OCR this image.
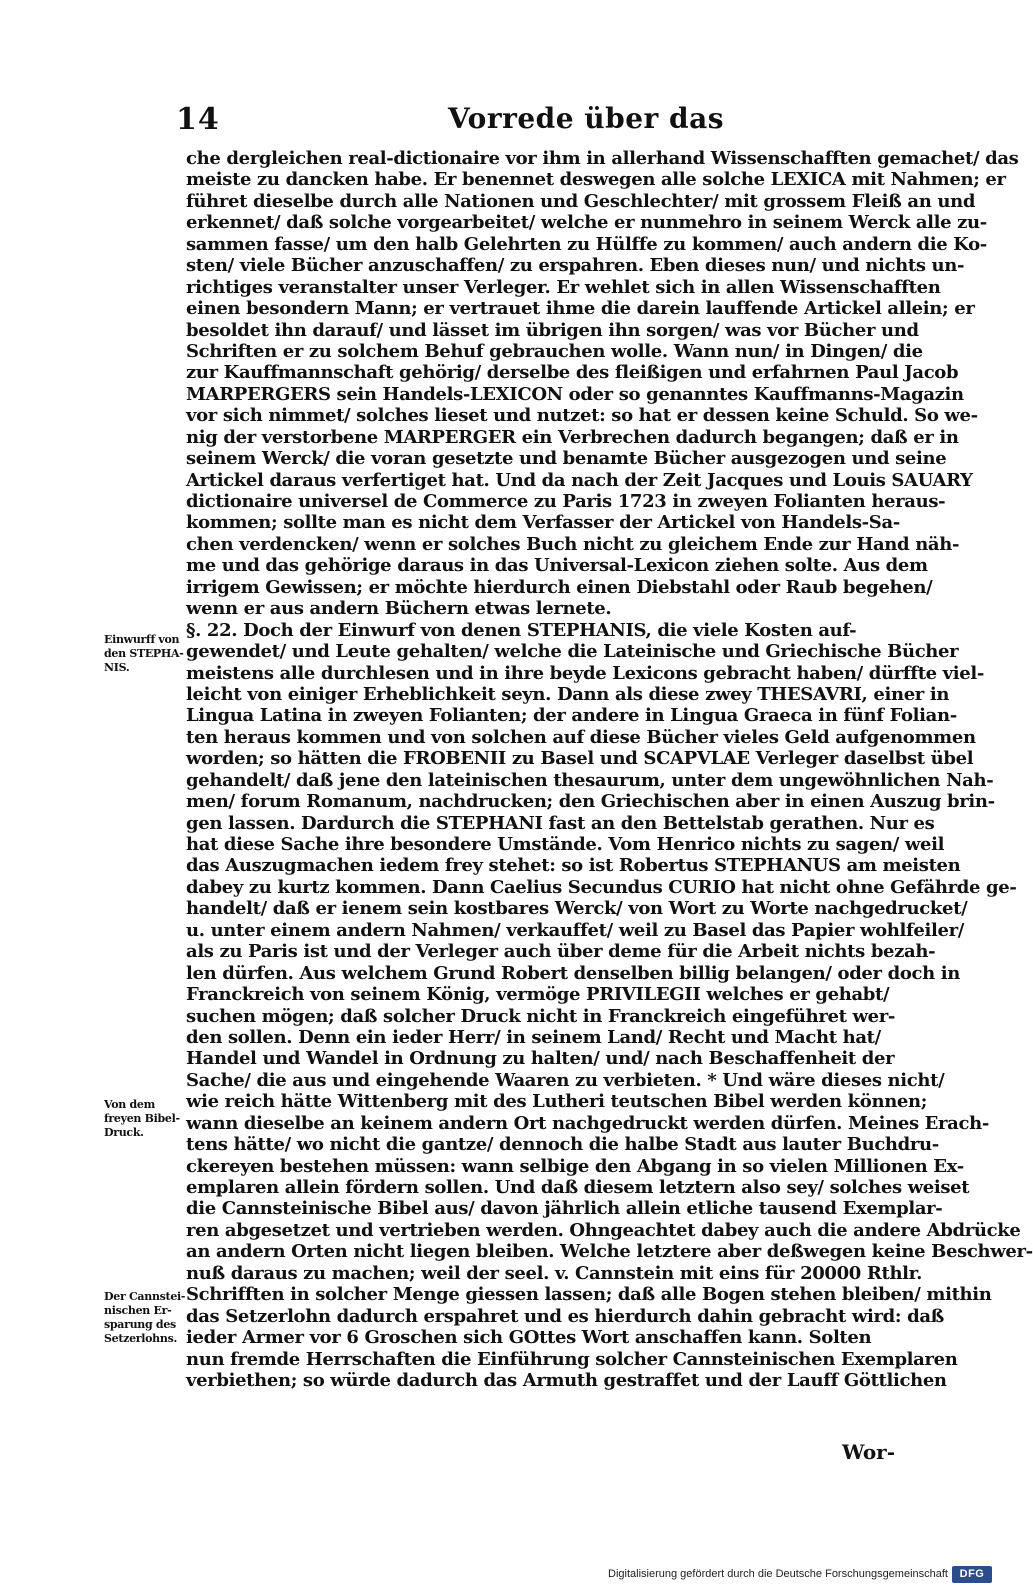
14	Vorrede über das
che dergleichen real-dictionaire vor ihm in allerhand Wissenschafften gemachet/ das
meiste zu dancken habe. Er benennet deswegen alle solche LEXICA mit Nahmen; er
führet dieselbe durch alle Nationen und Geschlechter/ mit grossem Fleiß an und
erkennet/ daß solche vorgearbeitet/ welche er nunmehro in seinem Werck alle zu-
sammen fasse/ um den halb Gelehrten zu Hülffe zu kommen/ auch andern die Ko-
sten/ viele Bücher anzuschaffen/ zu erspahren. Eben dieses nun/ und nichts un-
richtiges veranstalter unser Verleger. Er wehlet sich in allen Wissenschafften
einen besondern Mann; er vertrauet ihme die darein lauffende Artickel allein; er
besoldet ihn darauf/ und lässet im übrigen ihn sorgen/ was vor Bücher und
Schriften er zu solchem Behuf gebrauchen wolle. Wann nun/ in Dingen/ die
zur Kauffmannschaft gehörig/ derselbe des fleißigen und erfahrnen Paul Jacob
MARPERGERS sein Handels-LEXICON oder so genanntes Kauffmanns-Magazin
vor sich nimmet/ solches lieset und nutzet: so hat er dessen keine Schuld. So we-
nig der verstorbene MARPERGER ein Verbrechen dadurch begangen; daß er in
seinem Werck/ die voran gesetzte und benamte Bücher ausgezogen und seine
Artickel daraus verfertiget hat. Und da nach der Zeit Jacques und Louis SAUARY
dictionaire universel de Commerce zu Paris 1723 in zweyen Folianten heraus-
kommen; sollte man es nicht dem Verfasser der Artickel von Handels-Sa-
chen verdencken/ wenn er solches Buch nicht zu gleichem Ende zur Hand näh-
me und das gehörige daraus in das Universal-Lexicon ziehen solte. Aus dem
irrigem Gewissen; er möchte hierdurch einen Diebstahl oder Raub begehen/
wenn er aus andern Büchern etwas lernete.
§. 22. Doch der Einwurf von denen STEPHANIS, die viele Kosten auf-
gewendet/ und Leute gehalten/ welche die Lateinische und Griechische Bücher
meistens alle durchlesen und in ihre beyde Lexicons gebracht haben/ dürffte viel-
leicht von einiger Erheblichkeit seyn. Dann als diese zwey THESAVRI, einer in
Lingua Latina in zweyen Folianten; der andere in Lingua Graeca in fünf Folian-
ten heraus kommen und von solchen auf diese Bücher vieles Geld aufgenommen
worden; so hätten die FROBENII zu Basel und SCAPVLAE Verleger daselbst übel
gehandelt/ daß jene den lateinischen thesaurum, unter dem ungewöhnlichen Nah-
men/ forum Romanum, nachdrucken; den Griechischen aber in einen Auszug brin-
gen lassen. Dardurch die STEPHANI fast an den Bettelstab gerathen. Nur es
hat diese Sache ihre besondere Umstände. Vom Henrico nichts zu sagen/ weil
das Auszugmachen iedem frey stehet: so ist Robertus STEPHANUS am meisten
dabey zu kurtz kommen. Dann Caelius Secundus CURIO hat nicht ohne Gefährde ge-
handelt/ daß er ienem sein kostbares Werck/ von Wort zu Worte nachgedrucket/
u. unter einem andern Nahmen/ verkauffet/ weil zu Basel das Papier wohlfeiler/
als zu Paris ist und der Verleger auch über deme für die Arbeit nichts bezah-
len dürfen. Aus welchem Grund Robert denselben billig belangen/ oder doch in
Franckreich von seinem König, vermöge PRIVILEGII welches er gehabt/
suchen mögen; daß solcher Druck nicht in Franckreich eingeführet wer-
den sollen. Denn ein ieder Herr/ in seinem Land/ Recht und Macht hat/
Handel und Wandel in Ordnung zu halten/ und/ nach Beschaffenheit der
Sache/ die aus und eingehende Waaren zu verbieten. * Und wäre dieses nicht/
wie reich hätte Wittenberg mit des Lutheri teutschen Bibel werden können;
wann dieselbe an keinem andern Ort nachgedruckt werden dürfen. Meines Erach-
tens hätte/ wo nicht die gantze/ dennoch die halbe Stadt aus lauter Buchdru-
ckereyen bestehen müssen: wann selbige den Abgang in so vielen Millionen Ex-
emplaren allein fördern sollen. Und daß diesem letztern also sey/ solches weiset
die Cannsteinische Bibel aus/ davon jährlich allein etliche tausend Exemplar-
ren abgesetzet und vertrieben werden. Ohngeachtet dabey auch die andere Abdrücke
an andern Orten nicht liegen bleiben. Welche letztere aber deßwegen keine Beschwer-
nuß daraus zu machen; weil der seel. v. Cannstein mit eins für 20000 Rthlr.
Schrifften in solcher Menge giessen lassen; daß alle Bogen stehen bleiben/ mithin
das Setzerlohn dadurch erspahret und es hierdurch dahin gebracht wird: daß
ieder Armer vor 6 Groschen sich GOttes Wort anschaffen kann. Solten
nun fremde Herrschaften die Einführung solcher Cannsteinischen Exemplaren
verbiethen; so würde dadurch das Armuth gestraffet und der Lauff Göttlichen
Einwurff von
den STEPHA-
NIS.
Von dem
freyen Bibel-
Druck.
Der Cannstei-
nischen Er-
sparung des
Setzerlohns.
Wor-
Digitalisierung gefördert durch die Deutsche Forschungsgemeinschaft	DFG
